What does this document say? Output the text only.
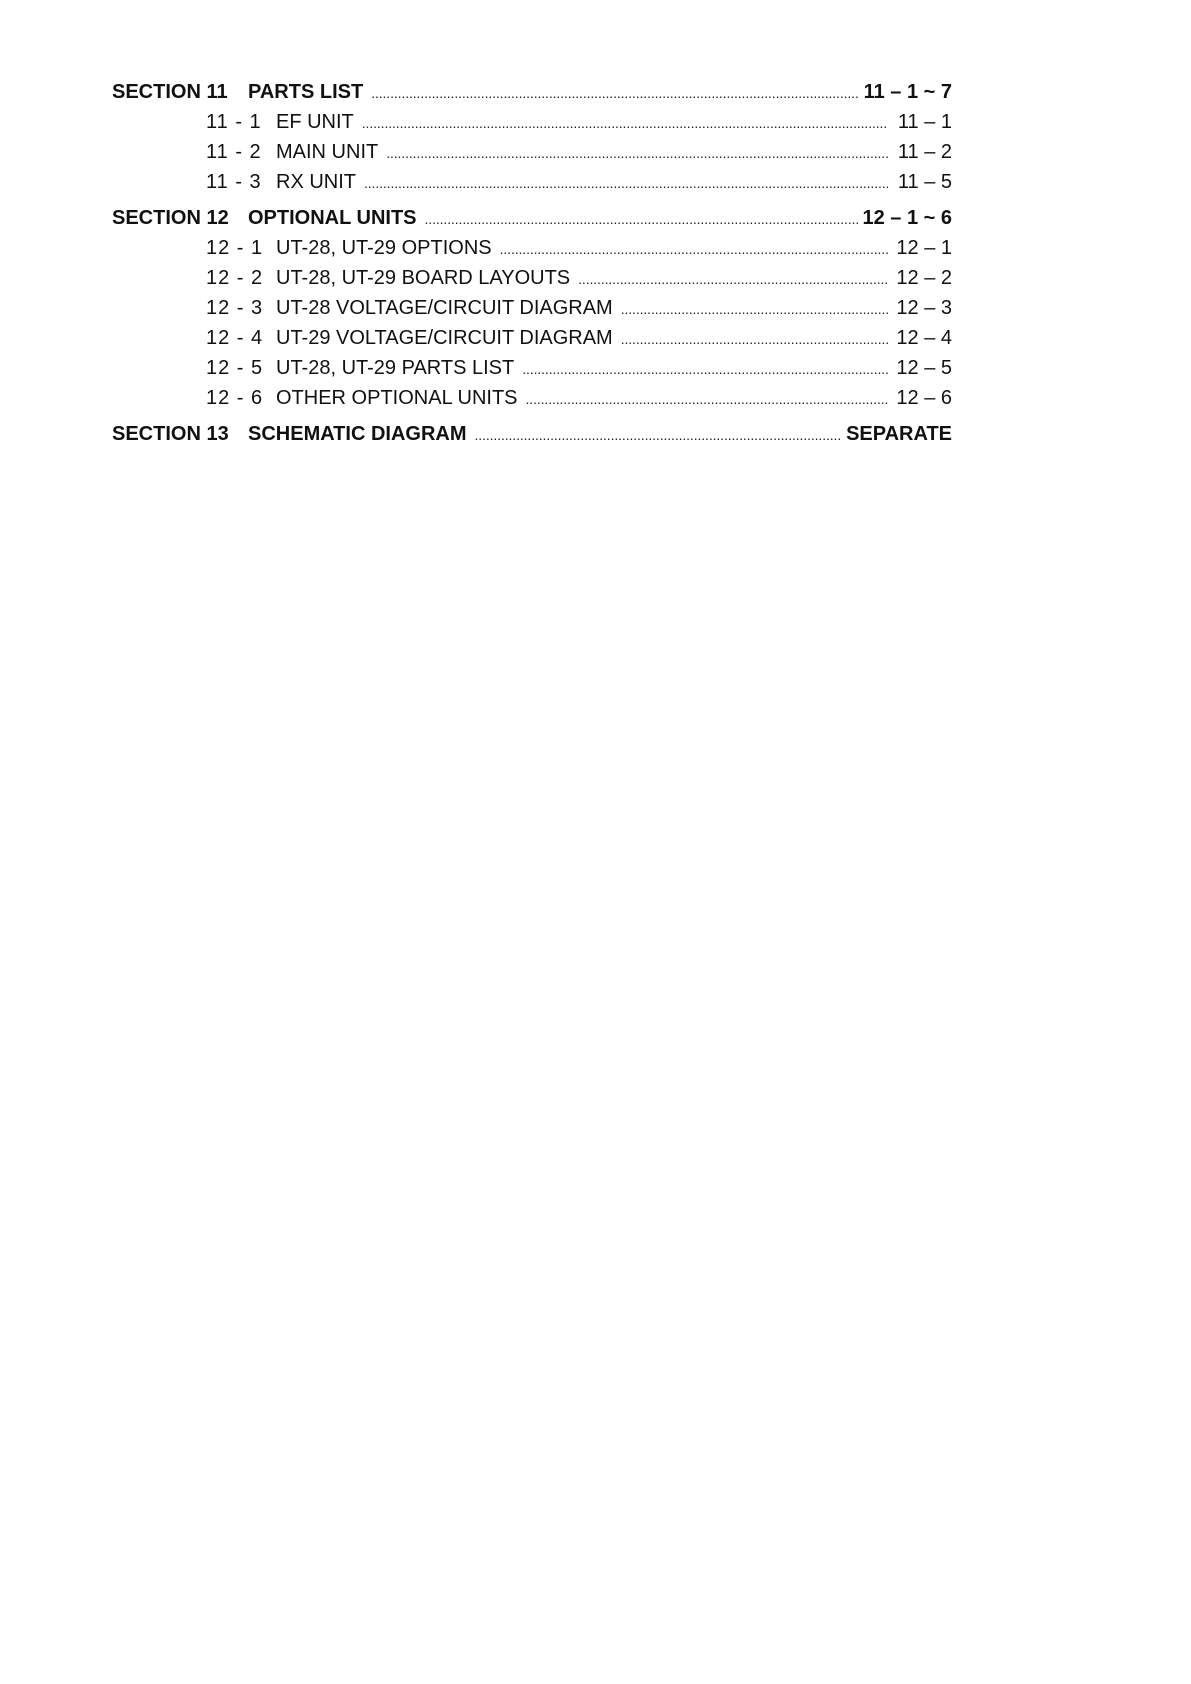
SECTION 11	PARTS LIST . . .	11 – 1 ~ 7
11 - 1 EF UNIT . . .	11 – 1
11 - 2 MAIN UNIT . . .	11 – 2
11 - 3 RX UNIT . . .	11 – 5
SECTION 12 OPTIONAL UNITS . . .	12 – 1 ~ 6
12 - 1 UT-28, UT-29 OPTIONS . . .	12 – 1
12 - 2 UT-28, UT-29 BOARD LAYOUTS . . .	12 – 2
12 - 3 UT-28 VOLTAGE/CIRCUIT DIAGRAM . . .	12 – 3
12 - 4 UT-29 VOLTAGE/CIRCUIT DIAGRAM . . .	12 – 4
12 - 5 UT-28, UT-29 PARTS LIST . . .	12 – 5
12 - 6 OTHER OPTIONAL UNITS . . .	12 – 6
SECTION 13 SCHEMATIC DIAGRAM . . .	SEPARATE
